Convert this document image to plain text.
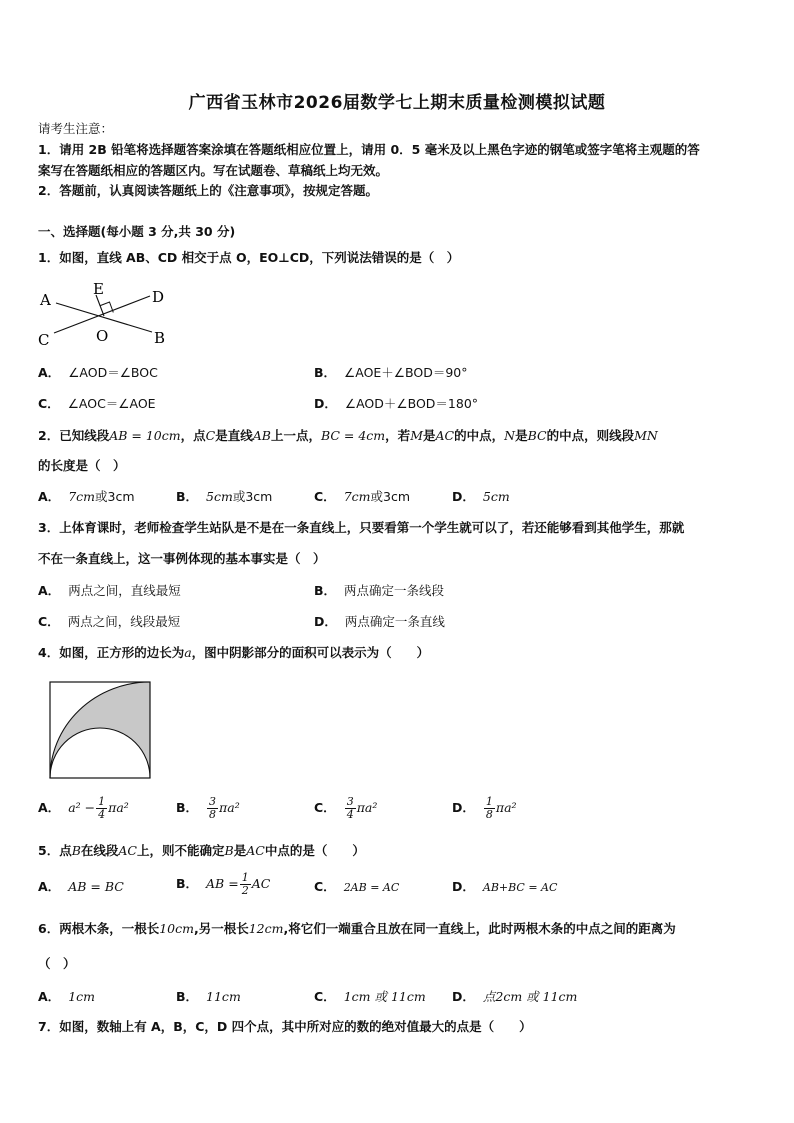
广西省玉林市2026届数学七上期末质量检测模拟试题
请考生注意：
1．请用 2B 铅笔将选择题答案涂填在答题纸相应位置上，请用 0．5 毫米及以上黑色字迹的钢笔或签字笔将主观题的答
案写在答题纸相应的答题区内。写在试题卷、草稿纸上均无效。
2．答题前，认真阅读答题纸上的《注意事项》，按规定答题。
一、选择题(每小题 3 分,共 30 分)
1．如图，直线 AB、CD 相交于点 O，EO⊥CD，下列说法错误的是（　）
A
E	D
C	O	B
A． ∠AOD＝∠BOC	B． ∠AOE＋∠BOD＝90°
C． ∠AOC＝∠AOE	D． ∠AOD＋∠BOD＝180°
2．已知线段AB = 10cm，点C是直线AB上一点，BC = 4cm，若M是AC的中点，N是BC的中点，则线段MN
的长度是（　）
A． 7cm或3cm	B． 5cm或3cm	C． 7cm或3cm	D． 5cm
3．上体育课时，老师检查学生站队是不是在一条直线上，只要看第一个学生就可以了，若还能够看到其他学生，那就
不在一条直线上，这一事例体现的基本事实是（　）
A． 两点之间，直线最短	B． 两点确定一条线段
C． 两点之间，线段最短	D． 两点确定一条直线
4．如图，正方形的边长为a，图中阴影部分的面积可以表示为（　　）
A． $a^2 - \frac{1}{4} \pi a^2$	B． $\frac{3}{8} \pi a^2$	C． $\frac{3}{4} \pi a^2$	D． $\frac{1}{8} \pi a^2$
5．点B在线段AC上，则不能确定B是AC中点的是（　　）
A． AB = BC	B． AB = $\frac{1}{2}$ AC	C． 2AB = AC	D． AB+BC = AC
6．两根木条，一根长10cm,另一根长12cm,将它们一端重合且放在同一直线上，此时两根木条的中点之间的距离为
（　）
A． 1cm	B． 11cm	C． 1cm 或 11cm D． 点2cm 或 11cm
7．如图，数轴上有 A，B，C，D 四个点，其中所对应的数的绝对值最大的点是（　　）
